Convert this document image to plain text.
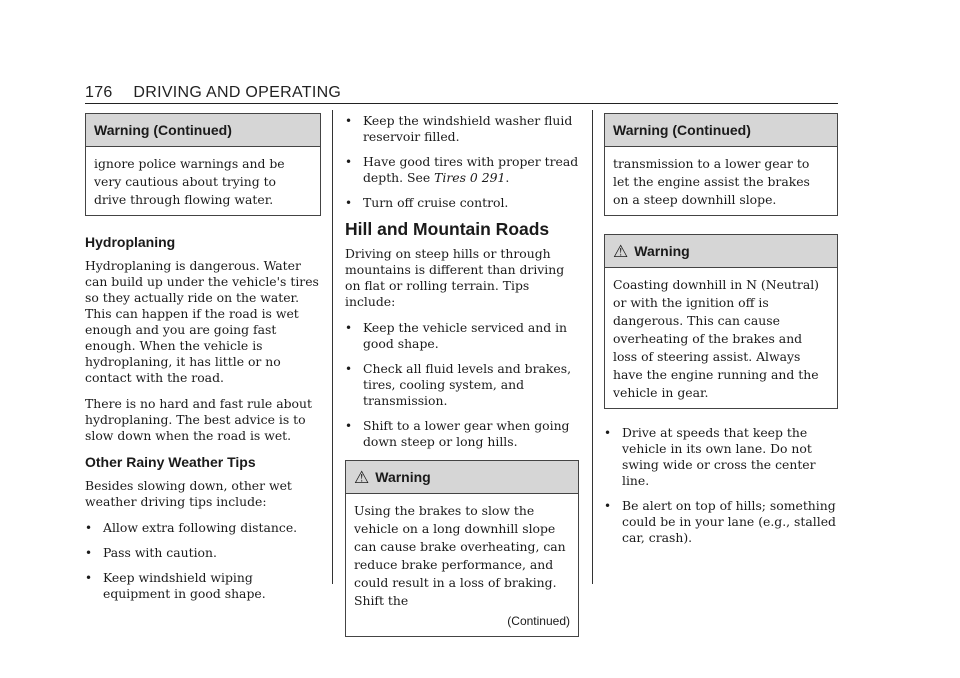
176 DRIVING AND OPERATING
Warning (Continued)
ignore police warnings and be very cautious about trying to drive through flowing water.
Hydroplaning

Hydroplaning is dangerous. Water can build up under the vehicle's tires so they actually ride on the water. This can happen if the road is wet enough and you are going fast enough. When the vehicle is hydroplaning, it has little or no contact with the road.

There is no hard and fast rule about hydroplaning. The best advice is to slow down when the road is wet.

Other Rainy Weather Tips

Besides slowing down, other wet weather driving tips include:

• Allow extra following distance.
• Pass with caution.
• Keep windshield wiping equipment in good shape.
• Keep the windshield washer fluid reservoir filled.
• Have good tires with proper tread depth. See Tires 0 291.
• Turn off cruise control.
Hill and Mountain Roads

Driving on steep hills or through mountains is different than driving on flat or rolling terrain. Tips include:

• Keep the vehicle serviced and in good shape.
• Check all fluid levels and brakes, tires, cooling system, and transmission.
• Shift to a lower gear when going down steep or long hills.
⚠ Warning
Using the brakes to slow the vehicle on a long downhill slope can cause brake overheating, can reduce brake performance, and could result in a loss of braking. Shift the
(Continued)
Warning (Continued)
transmission to a lower gear to let the engine assist the brakes on a steep downhill slope.
⚠ Warning
Coasting downhill in N (Neutral) or with the ignition off is dangerous. This can cause overheating of the brakes and loss of steering assist. Always have the engine running and the vehicle in gear.
• Drive at speeds that keep the vehicle in its own lane. Do not swing wide or cross the center line.
• Be alert on top of hills; something could be in your lane (e.g., stalled car, crash).
